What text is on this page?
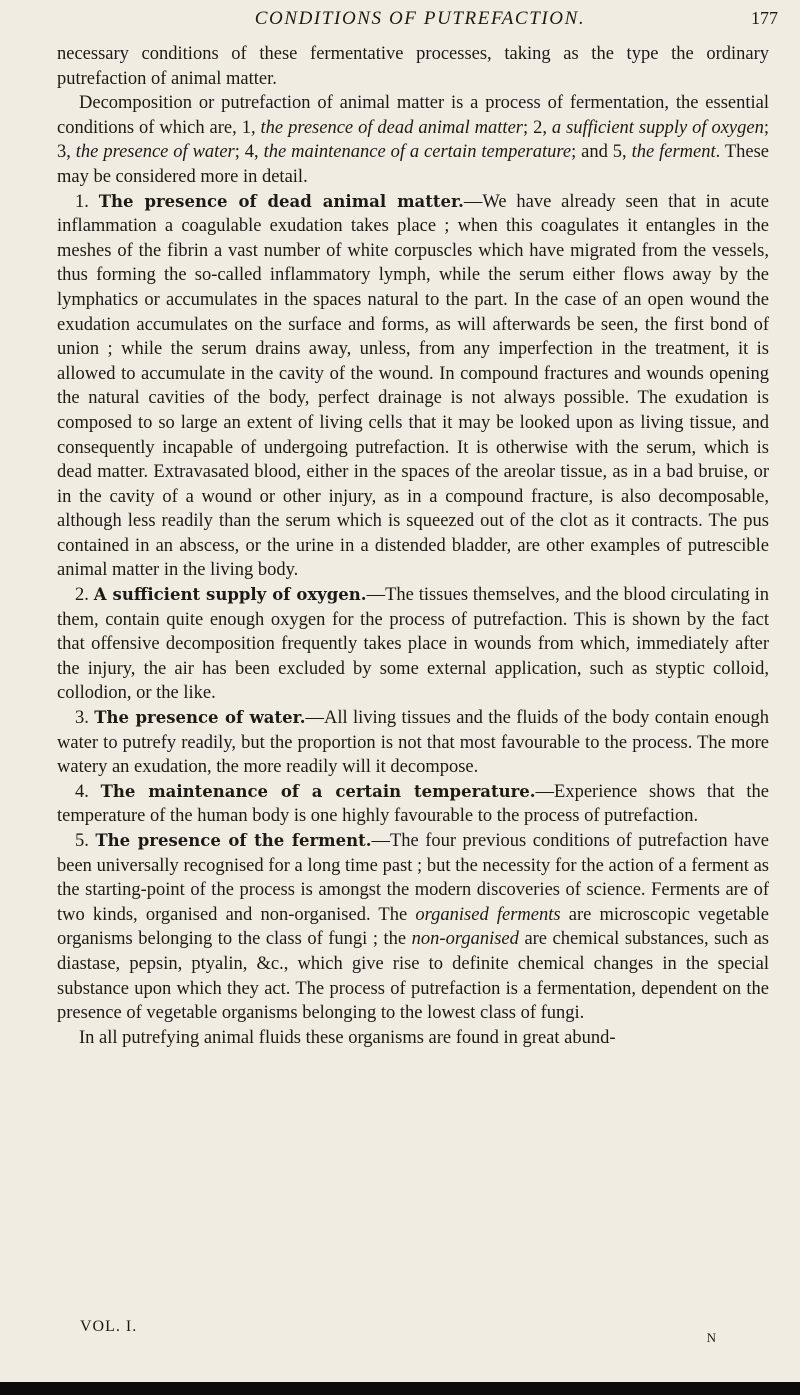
CONDITIONS OF PUTREFACTION.	177

necessary conditions of these fermentative processes, taking as the type the ordinary putrefaction of animal matter.

Decomposition or putrefaction of animal matter is a process of fermentation, the essential conditions of which are, 1, the presence of dead animal matter; 2, a sufficient supply of oxygen; 3, the presence of water; 4, the maintenance of a certain temperature; and 5, the ferment. These may be considered more in detail.

1. The presence of dead animal matter.—We have already seen that in acute inflammation a coagulable exudation takes place ; when this coagulates it entangles in the meshes of the fibrin a vast number of white corpuscles which have migrated from the vessels, thus forming the so-called inflammatory lymph, while the serum either flows away by the lymphatics or accumulates in the spaces natural to the part. In the case of an open wound the exudation accumulates on the surface and forms, as will afterwards be seen, the first bond of union ; while the serum drains away, unless, from any imperfection in the treatment, it is allowed to accumulate in the cavity of the wound. In compound fractures and wounds opening the natural cavities of the body, perfect drainage is not always possible. The exudation is composed to so large an extent of living cells that it may be looked upon as living tissue, and consequently incapable of undergoing putrefaction. It is otherwise with the serum, which is dead matter. Extravasated blood, either in the spaces of the areolar tissue, as in a bad bruise, or in the cavity of a wound or other injury, as in a compound fracture, is also decomposable, although less readily than the serum which is squeezed out of the clot as it contracts. The pus contained in an abscess, or the urine in a distended bladder, are other examples of putrescible animal matter in the living body.

2. A sufficient supply of oxygen.—The tissues themselves, and the blood circulating in them, contain quite enough oxygen for the process of putrefaction. This is shown by the fact that offensive decomposition frequently takes place in wounds from which, immediately after the injury, the air has been excluded by some external application, such as styptic colloid, collodion, or the like.

3. The presence of water.—All living tissues and the fluids of the body contain enough water to putrefy readily, but the proportion is not that most favourable to the process. The more watery an exudation, the more readily will it decompose.

4. The maintenance of a certain temperature.—Experience shows that the temperature of the human body is one highly favourable to the process of putrefaction.

5. The presence of the ferment.—The four previous conditions of putrefaction have been universally recognised for a long time past ; but the necessity for the action of a ferment as the starting-point of the process is amongst the modern discoveries of science. Ferments are of two kinds, organised and non-organised. The organised ferments are microscopic vegetable organisms belonging to the class of fungi ; the non-organised are chemical substances, such as diastase, pepsin, ptyalin, &c., which give rise to definite chemical changes in the special substance upon which they act. The process of putrefaction is a fermentation, dependent on the presence of vegetable organisms belonging to the lowest class of fungi.

In all putrefying animal fluids these organisms are found in great abund-

VOL. I.
N
